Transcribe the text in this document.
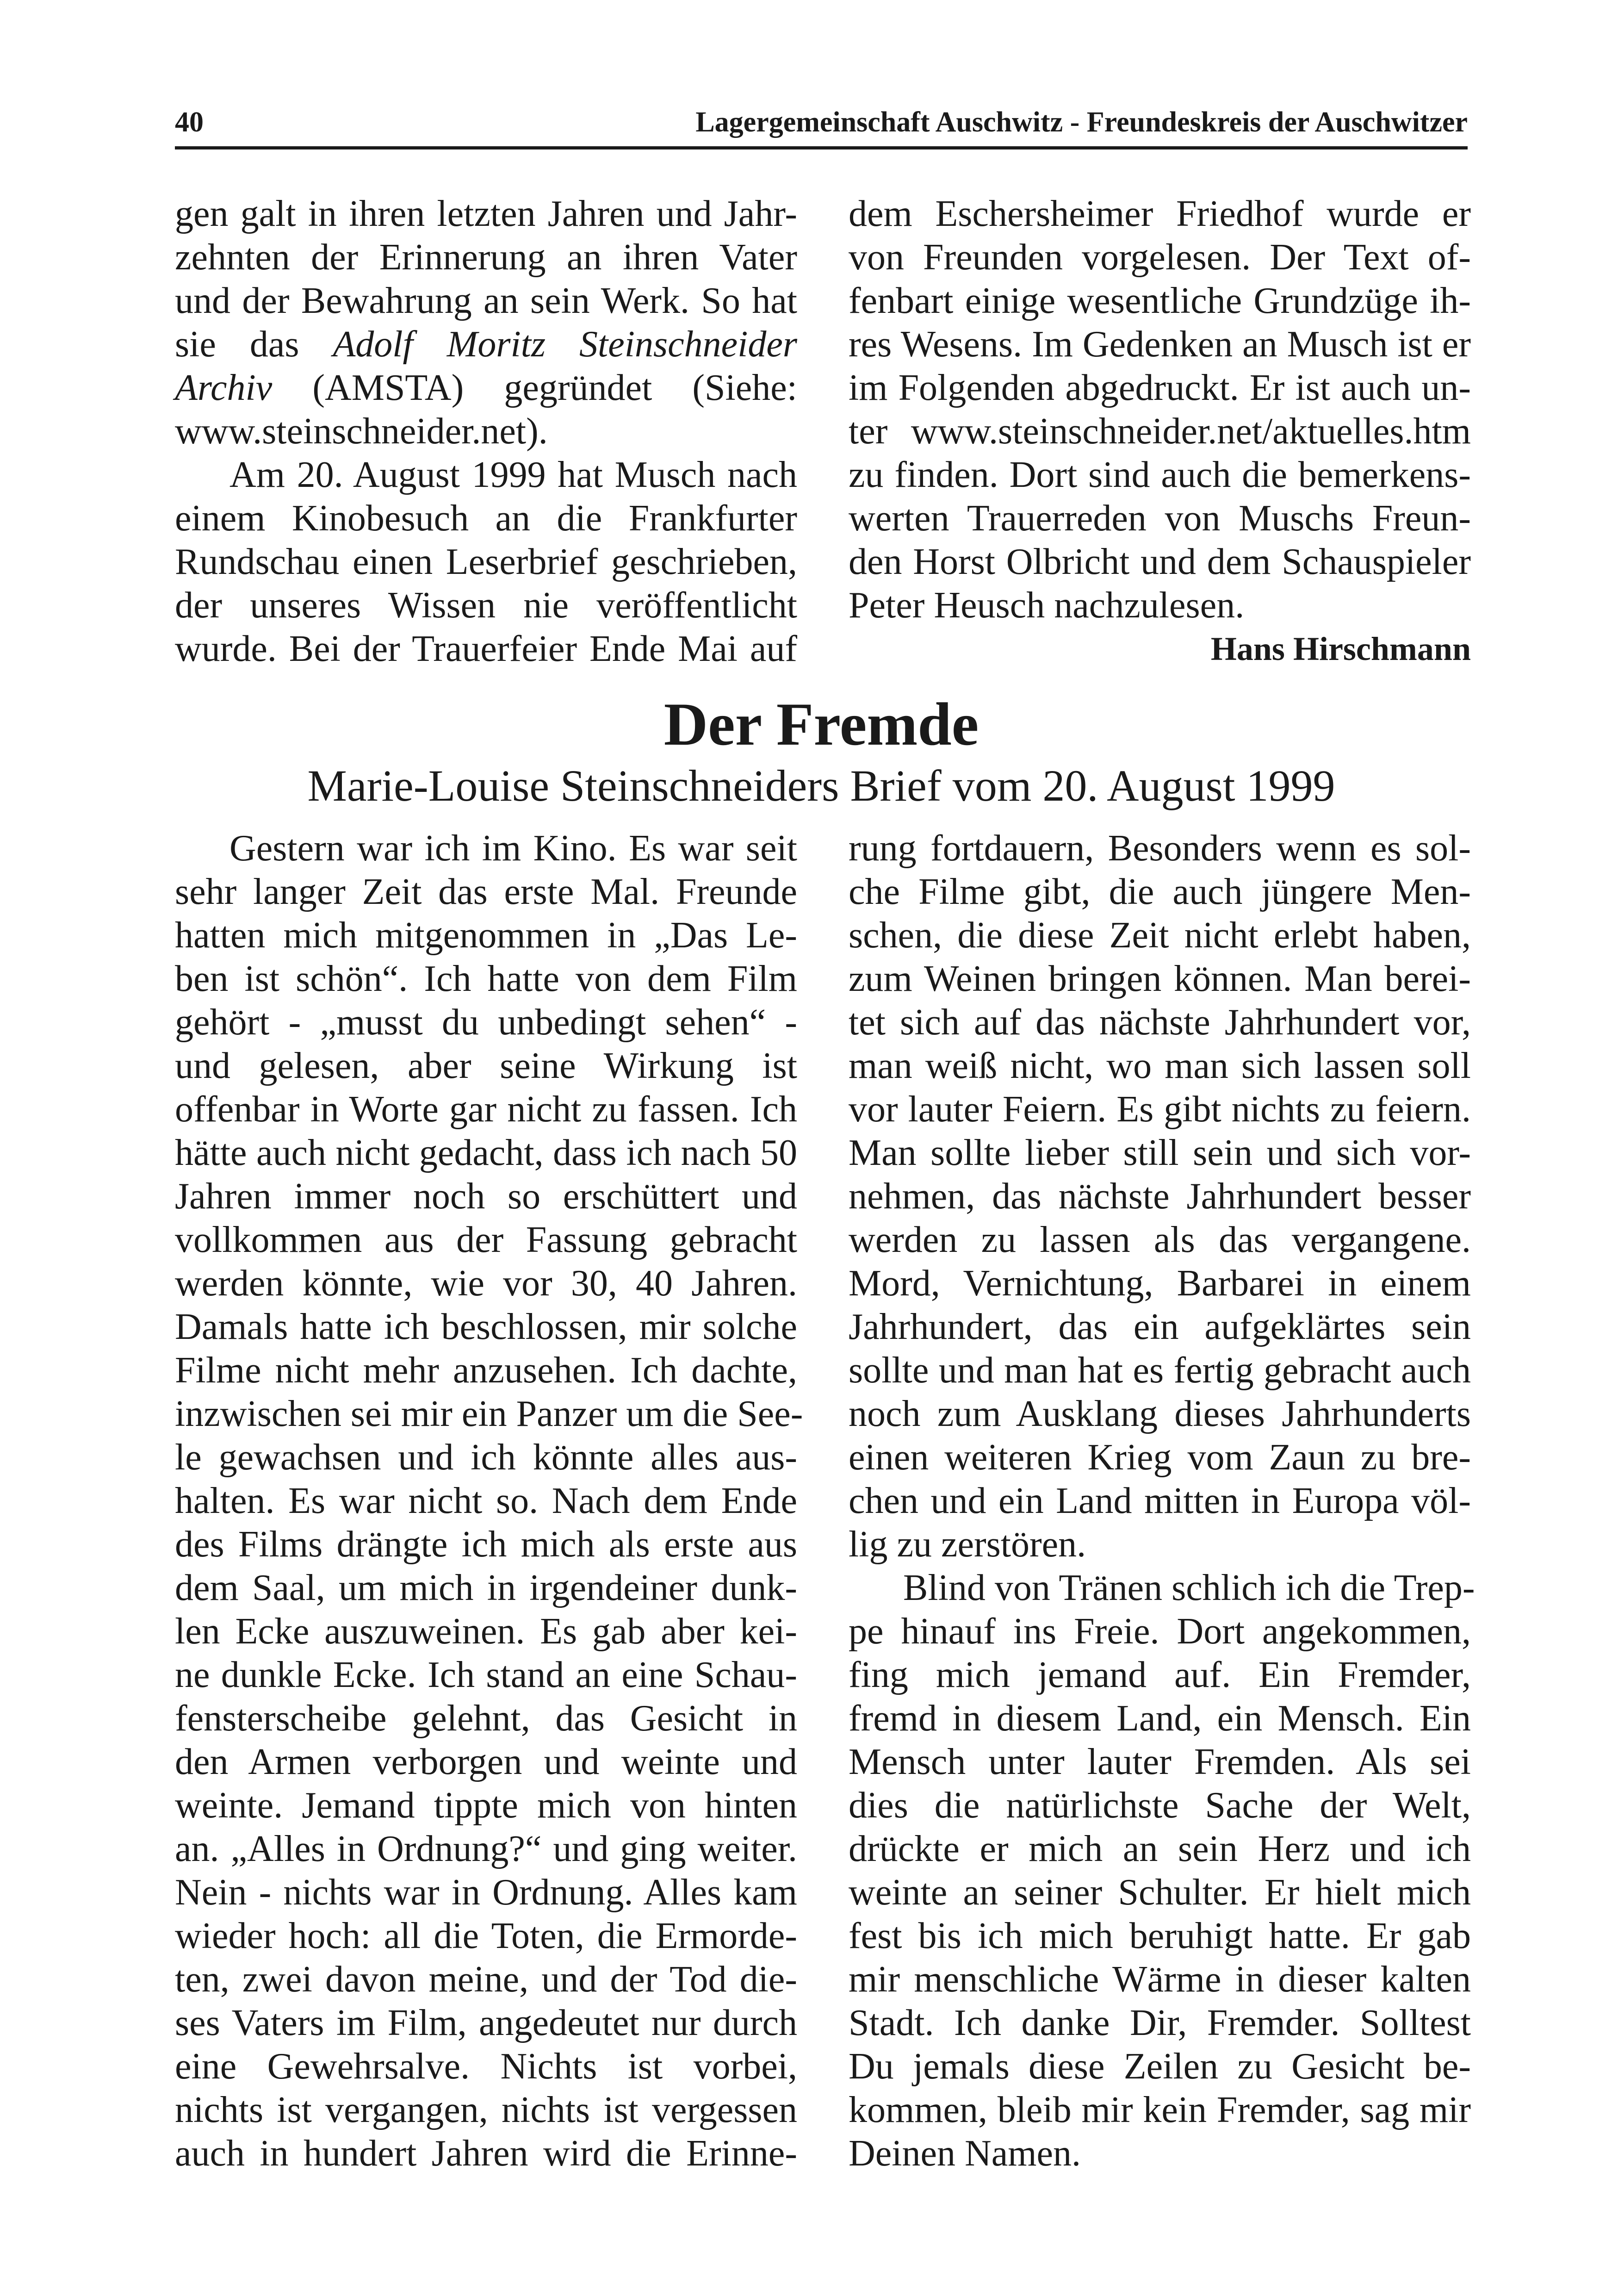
40	Lagergemeinschaft Auschwitz - Freundeskreis der Auschwitzer
gen galt in ihren letzten Jahren und Jahr-
zehnten der Erinnerung an ihren Vater
und der Bewahrung an sein Werk. So hat
sie das Adolf Moritz Steinschneider
Archiv (AMSTA) gegründet (Siehe:
www.steinschneider.net).
Am 20. August 1999 hat Musch nach
einem Kinobesuch an die Frankfurter
Rundschau einen Leserbrief geschrieben,
der unseres Wissen nie veröffentlicht
wurde. Bei der Trauerfeier Ende Mai auf
dem Eschersheimer Friedhof wurde er
von Freunden vorgelesen. Der Text of-
fenbart einige wesentliche Grundzüge ih-
res Wesens. Im Gedenken an Musch ist er
im Folgenden abgedruckt. Er ist auch un-
ter www.steinschneider.net/aktuelles.htm
zu finden. Dort sind auch die bemerkens-
werten Trauerreden von Muschs Freun-
den Horst Olbricht und dem Schauspieler
Peter Heusch nachzulesen.
Hans Hirschmann
Der Fremde
Marie-Louise Steinschneiders Brief vom 20. August 1999
Gestern war ich im Kino. Es war seit
sehr langer Zeit das erste Mal. Freunde
hatten mich mitgenommen in „Das Le-
ben ist schön“. Ich hatte von dem Film
gehört - „musst du unbedingt sehen“ -
und gelesen, aber seine Wirkung ist
offenbar in Worte gar nicht zu fassen. Ich
hätte auch nicht gedacht, dass ich nach 50
Jahren immer noch so erschüttert und
vollkommen aus der Fassung gebracht
werden könnte, wie vor 30, 40 Jahren.
Damals hatte ich beschlossen, mir solche
Filme nicht mehr anzusehen. Ich dachte,
inzwischen sei mir ein Panzer um die See-
le gewachsen und ich könnte alles aus-
halten. Es war nicht so. Nach dem Ende
des Films drängte ich mich als erste aus
dem Saal, um mich in irgendeiner dunk-
len Ecke auszuweinen. Es gab aber kei-
ne dunkle Ecke. Ich stand an eine Schau-
fensterscheibe gelehnt, das Gesicht in
den Armen verborgen und weinte und
weinte. Jemand tippte mich von hinten
an. „Alles in Ordnung?“ und ging weiter.
Nein - nichts war in Ordnung. Alles kam
wieder hoch: all die Toten, die Ermorde-
ten, zwei davon meine, und der Tod die-
ses Vaters im Film, angedeutet nur durch
eine Gewehrsalve. Nichts ist vorbei,
nichts ist vergangen, nichts ist vergessen
auch in hundert Jahren wird die Erinne-
rung fortdauern, Besonders wenn es sol-
che Filme gibt, die auch jüngere Men-
schen, die diese Zeit nicht erlebt haben,
zum Weinen bringen können. Man berei-
tet sich auf das nächste Jahrhundert vor,
man weiß nicht, wo man sich lassen soll
vor lauter Feiern. Es gibt nichts zu feiern.
Man sollte lieber still sein und sich vor-
nehmen, das nächste Jahrhundert besser
werden zu lassen als das vergangene.
Mord, Vernichtung, Barbarei in einem
Jahrhundert, das ein aufgeklärtes sein
sollte und man hat es fertig gebracht auch
noch zum Ausklang dieses Jahrhunderts
einen weiteren Krieg vom Zaun zu bre-
chen und ein Land mitten in Europa völ-
lig zu zerstören.
Blind von Tränen schlich ich die Trep-
pe hinauf ins Freie. Dort angekommen,
fing mich jemand auf. Ein Fremder,
fremd in diesem Land, ein Mensch. Ein
Mensch unter lauter Fremden. Als sei
dies die natürlichste Sache der Welt,
drückte er mich an sein Herz und ich
weinte an seiner Schulter. Er hielt mich
fest bis ich mich beruhigt hatte. Er gab
mir menschliche Wärme in dieser kalten
Stadt. Ich danke Dir, Fremder. Solltest
Du jemals diese Zeilen zu Gesicht be-
kommen, bleib mir kein Fremder, sag mir
Deinen Namen.
